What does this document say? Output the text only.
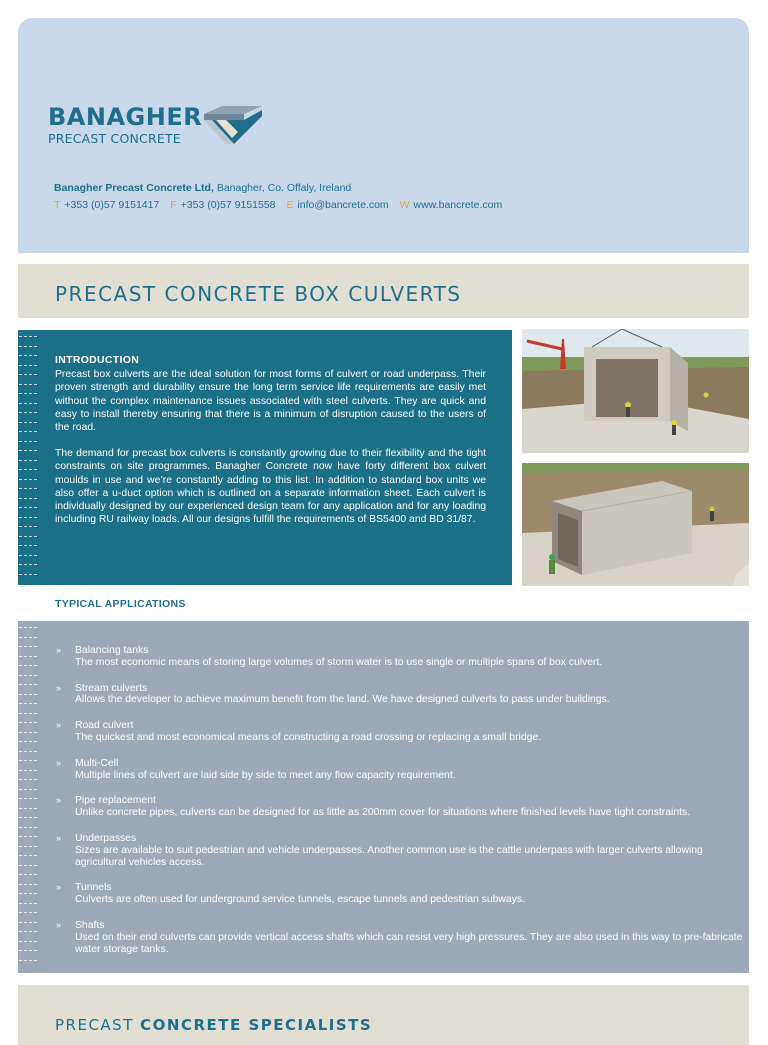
BANAGHER
PRECAST CONCRETE
Banagher Precast Concrete Ltd, Banagher, Co. Offaly, Ireland
T +353 (0)57 9151417 F +353 (0)57 9151558 E info@bancrete.com W www.bancrete.com
PRECAST CONCRETE BOX CULVERTS
INTRODUCTION

Precast box culverts are the ideal solution for most forms of culvert or road underpass. Their proven strength and durability ensure the long term service life requirements are easily met without the complex maintenance issues associated with steel culverts. They are quick and easy to install thereby ensuring that there is a minimum of disruption caused to the users of the road.

The demand for precast box culverts is constantly growing due to their flexibility and the tight constraints on site programmes. Banagher Concrete now have forty different box culvert moulds in use and we’re constantly adding to this list. In addition to standard box units we also offer a u-duct option which is outlined on a separate information sheet. Each culvert is individually designed by our experienced design team for any application and for any loading including RU railway loads. All our designs fulfill the requirements of BS5400 and BD 31/87.

TYPICAL APPLICATIONS
» Balancing tanks
The most economic means of storing large volumes of storm water is to use single or multiple spans of box culvert.
» Stream culverts
Allows the developer to achieve maximum benefit from the land. We have designed culverts to pass under buildings.
» Road culvert
The quickest and most economical means of constructing a road crossing or replacing a small bridge.
» Multi-Cell
Multiple lines of culvert are laid side by side to meet any flow capacity requirement.
» Pipe replacement
Unlike concrete pipes, culverts can be designed for as little as 200mm cover for situations where finished levels have tight constraints.
» Underpasses
Sizes are available to suit pedestrian and vehicle underpasses. Another common use is the cattle underpass with larger culverts allowing agricultural vehicles access.
» Tunnels
Culverts are often used for underground service tunnels, escape tunnels and pedestrian subways.
» Shafts
Used on their end culverts can provide vertical access shafts which can resist very high pressures. They are also used in this way to pre-fabricate water storage tanks.
PRECAST CONCRETE SPECIALISTS
